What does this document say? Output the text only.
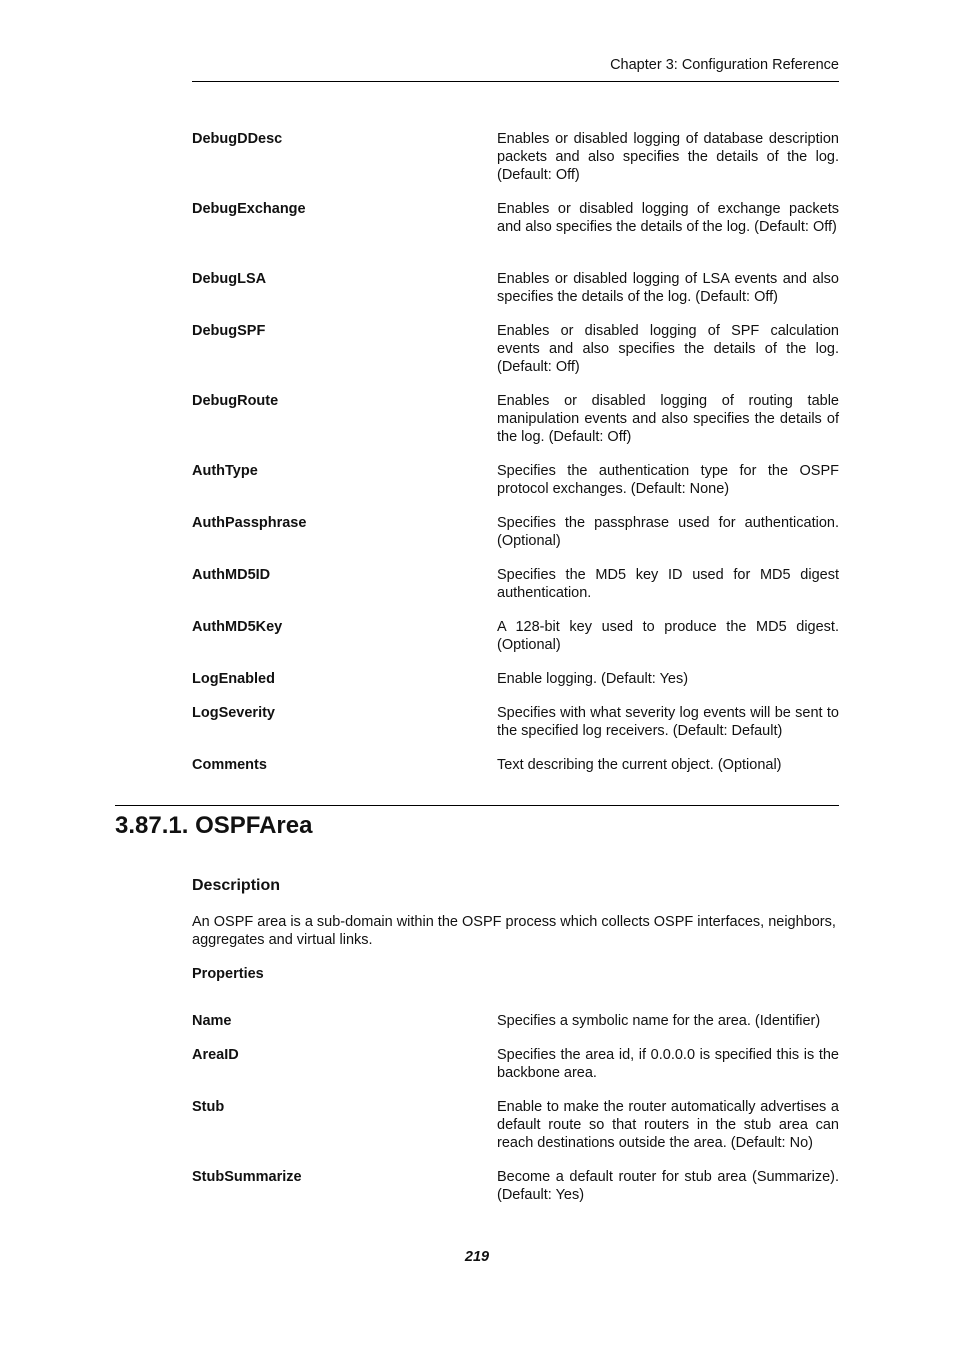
Chapter 3: Configuration Reference
DebugDDesc	Enables or disabled logging of database description packets and also specifies the details of the log. (Default: Off)
DebugExchange	Enables or disabled logging of exchange packets and also specifies the details of the log. (Default: Off)
DebugLSA	Enables or disabled logging of LSA events and also specifies the details of the log. (Default: Off)
DebugSPF	Enables or disabled logging of SPF calculation events and also specifies the details of the log. (Default: Off)
DebugRoute	Enables or disabled logging of routing table manipulation events and also specifies the details of the log. (Default: Off)
AuthType	Specifies the authentication type for the OSPF protocol exchanges. (Default: None)
AuthPassphrase	Specifies the passphrase used for authentication. (Optional)
AuthMD5ID	Specifies the MD5 key ID used for MD5 digest authentication.
AuthMD5Key	A 128-bit key used to produce the MD5 digest. (Optional)
LogEnabled	Enable logging. (Default: Yes)
LogSeverity	Specifies with what severity log events will be sent to the specified log receivers. (Default: Default)
Comments	Text describing the current object. (Optional)
3.87.1. OSPFArea
Description
An OSPF area is a sub-domain within the OSPF process which collects OSPF interfaces, neighbors, aggregates and virtual links.
Properties
Name	Specifies a symbolic name for the area. (Identifier)
AreaID	Specifies the area id, if 0.0.0.0 is specified this is the backbone area.
Stub	Enable to make the router automatically advertises a default route so that routers in the stub area can reach destinations outside the area. (Default: No)
StubSummarize	Become a default router for stub area (Summarize). (Default: Yes)
219
